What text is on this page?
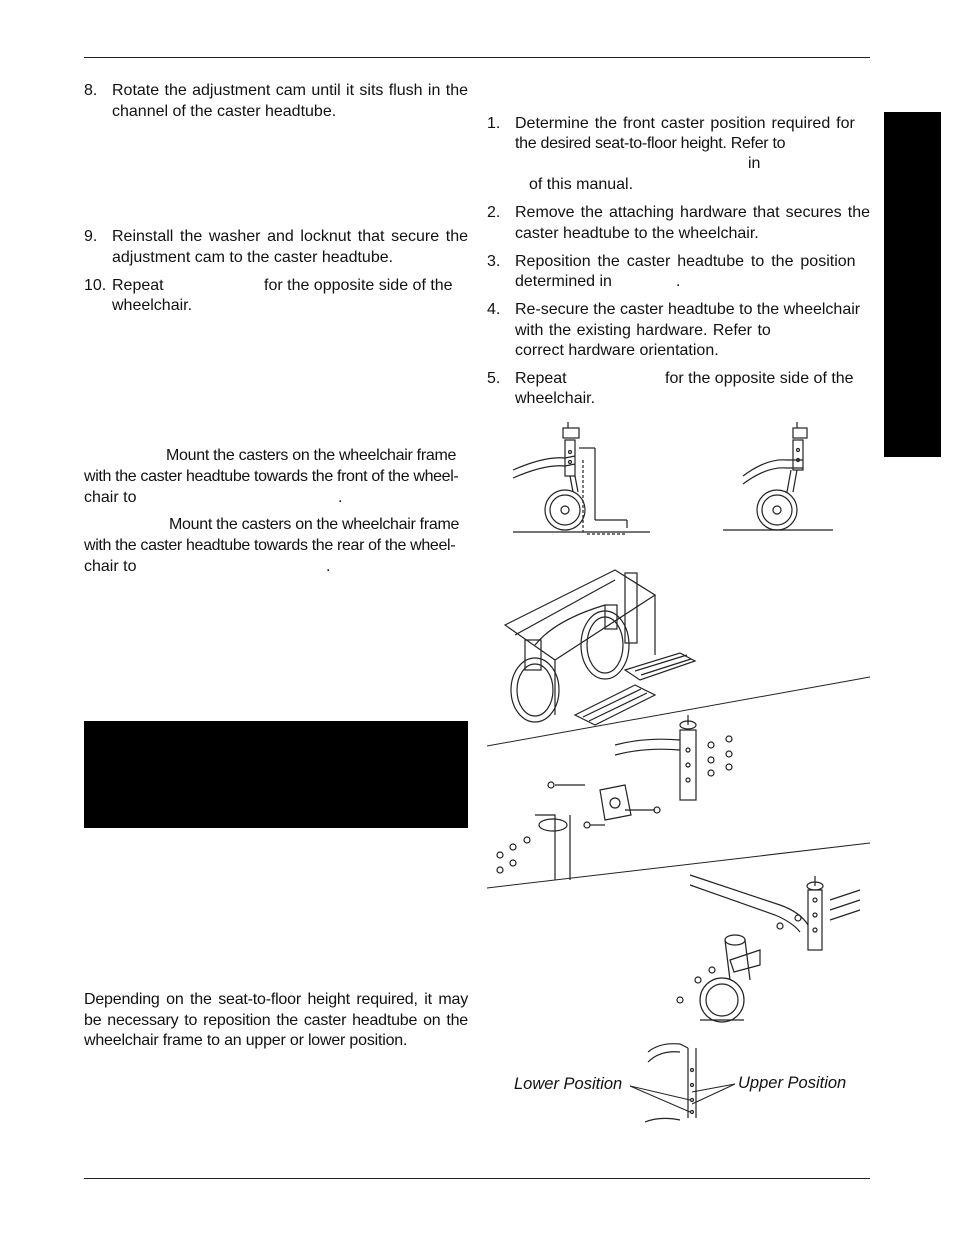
8. Rotate the adjustment cam until it sits flush in the channel of the caster headtube.
9. Reinstall the washer and locknut that secure the adjustment cam to the caster headtube.
10. Repeat	for the opposite side of the
wheelchair.
Mount the casters on the wheelchair frame
with the caster headtube towards the front of the wheel-
chair to	.
Mount the casters on the wheelchair frame
with the caster headtube towards the rear of the wheel-
chair to	.
Depending on the seat-to-floor height required, it may be necessary to reposition the caster headtube on the wheelchair frame to an upper or lower position.
1. Determine the front caster position required for
the desired seat-to-floor height. Refer to
in
of this manual.
2. Remove the attaching hardware that secures the caster headtube to the wheelchair.
3. Reposition the caster headtube to the position
determined in	.
4. Re-secure the caster headtube to the wheelchair
with the existing hardware. Refer to
correct hardware orientation.
5. Repeat	for the opposite side of the
wheelchair.
Lower Position	Upper Position
